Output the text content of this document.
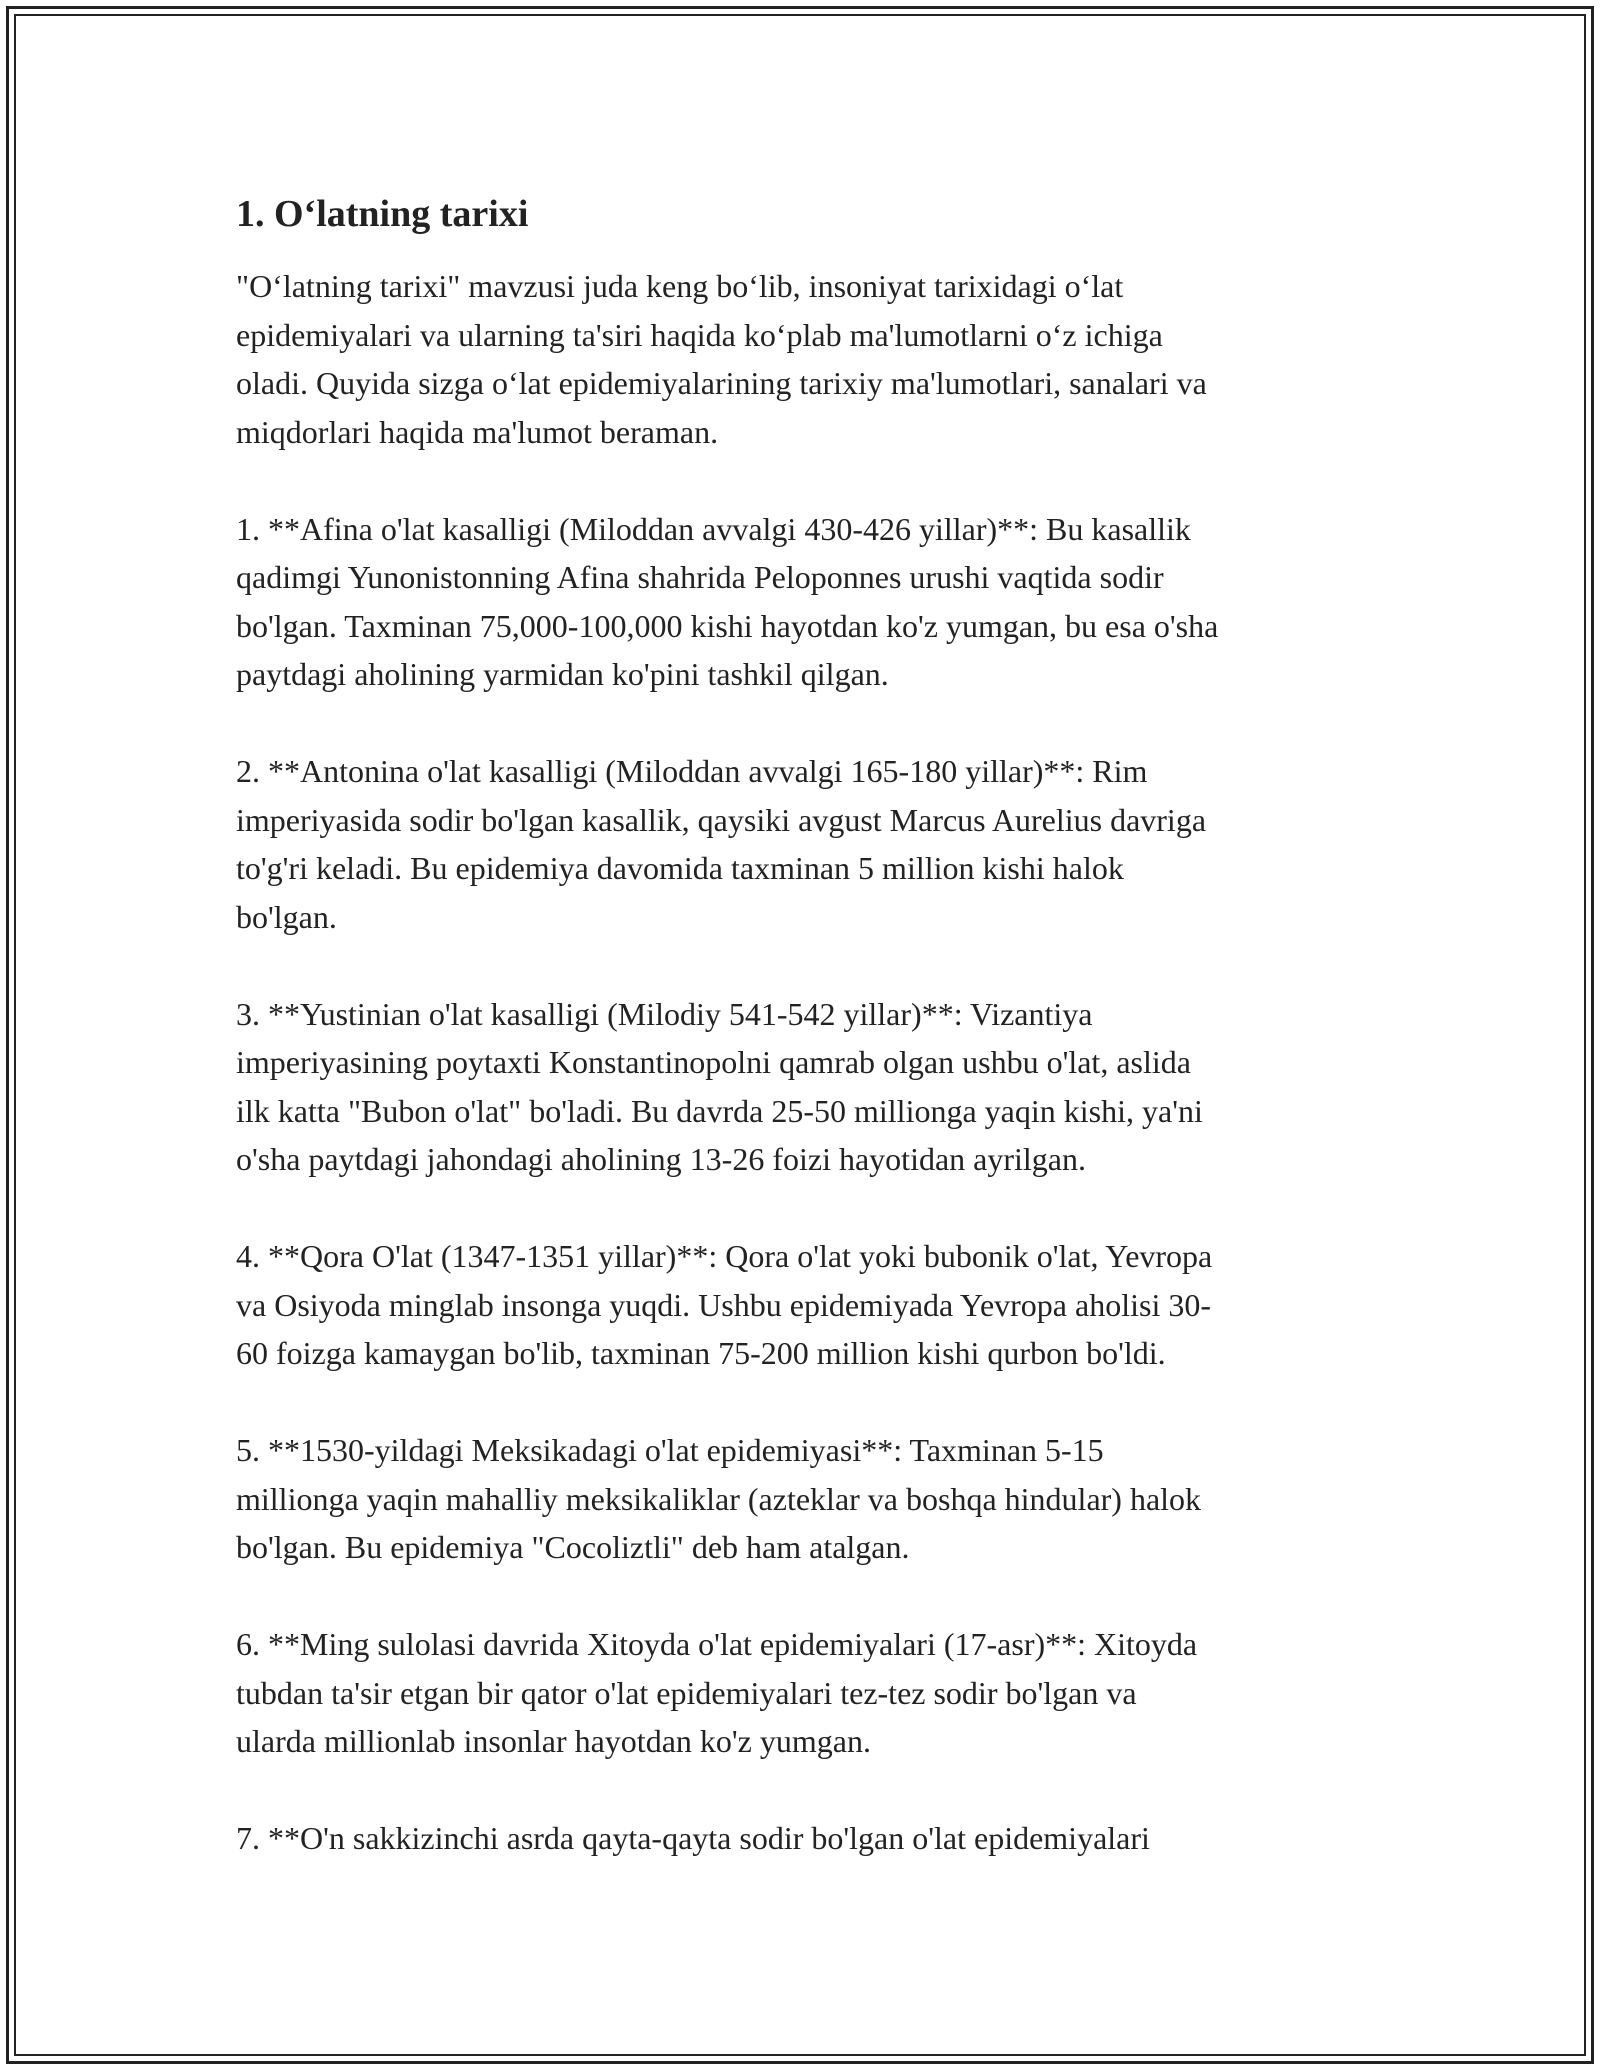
1. Oʻlatning tarixi

"Oʻlatning tarixi" mavzusi juda keng boʻlib, insoniyat tarixidagi oʻlat
epidemiyalari va ularning ta'siri haqida koʻplab ma'lumotlarni oʻz ichiga
oladi. Quyida sizga oʻlat epidemiyalarining tarixiy ma'lumotlari, sanalari va
miqdorlari haqida ma'lumot beraman.

1. **Afina o'lat kasalligi (Miloddan avvalgi 430-426 yillar)**: Bu kasallik
qadimgi Yunonistonning Afina shahrida Peloponnes urushi vaqtida sodir
bo'lgan. Taxminan 75,000-100,000 kishi hayotdan ko'z yumgan, bu esa o'sha
paytdagi aholining yarmidan ko'pini tashkil qilgan.

2. **Antonina o'lat kasalligi (Miloddan avvalgi 165-180 yillar)**: Rim
imperiyasida sodir bo'lgan kasallik, qaysiki avgust Marcus Aurelius davriga
to'g'ri keladi. Bu epidemiya davomida taxminan 5 million kishi halok
bo'lgan.

3. **Yustinian o'lat kasalligi (Milodiy 541-542 yillar)**: Vizantiya
imperiyasining poytaxti Konstantinopolni qamrab olgan ushbu o'lat, aslida
ilk katta "Bubon o'lat" bo'ladi. Bu davrda 25-50 millionga yaqin kishi, ya'ni
o'sha paytdagi jahondagi aholining 13-26 foizi hayotidan ayrilgan.

4. **Qora O'lat (1347-1351 yillar)**: Qora o'lat yoki bubonik o'lat, Yevropa
va Osiyoda minglab insonga yuqdi. Ushbu epidemiyada Yevropa aholisi 30-
60 foizga kamaygan bo'lib, taxminan 75-200 million kishi qurbon bo'ldi.

5. **1530-yildagi Meksikadagi o'lat epidemiyasi**: Taxminan 5-15
millionga yaqin mahalliy meksikaliklar (azteklar va boshqa hindular) halok
bo'lgan. Bu epidemiya "Cocoliztli" deb ham atalgan.

6. **Ming sulolasi davrida Xitoyda o'lat epidemiyalari (17-asr)**: Xitoyda
tubdan ta'sir etgan bir qator o'lat epidemiyalari tez-tez sodir bo'lgan va
ularda millionlab insonlar hayotdan ko'z yumgan.

7. **O'n sakkizinchi asrda qayta-qayta sodir bo'lgan o'lat epidemiyalari
